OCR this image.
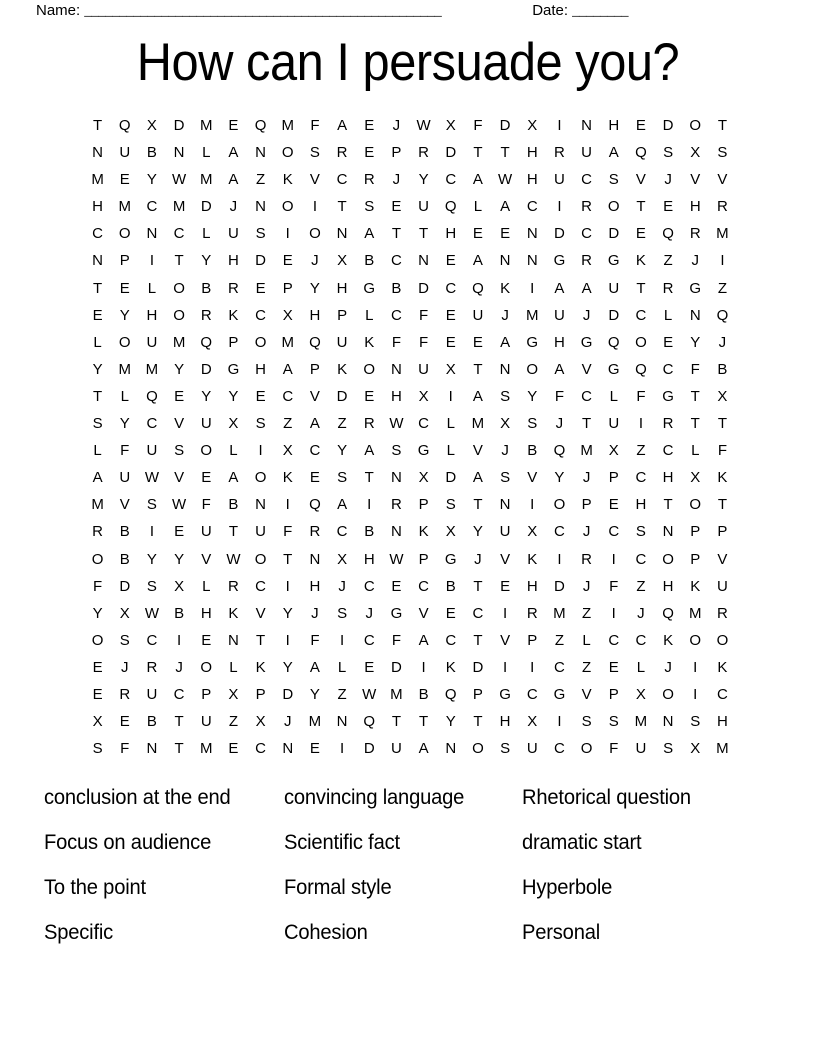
Name: ___________________________________________________	Date: ________
How can I persuade you?
T	Q	X	D	M	E	Q	M	F	A	E	J	W	X	F	D	X	I	N	H	E	D	O	T
N	U	B	N	L	A	N	O	S	R	E	P	R	D	T	T	H	R	U	A	Q	S	X	S
M	E	Y	W M	A	Z	K	V	C	R	J	Y	C	A	W H	U	C	S	V	J	V	V
H	M	C	M	D	J	N	O	I	T	S	E	U	Q	L	A	C	I	R	O	T	E	H	R
C	O	N	C	L	U	S	I	O	N	A	T	T	H	E	E	N	D	C	D	E	Q	R	M
N	P	I	T	Y	H	D	E	J	X	B	C	N	E	A	N	N	G	R	G	K	Z	J	I
T	E	L	O	B	R	E	P	Y	H	G	B	D	C	Q	K	I	A	A	U	T	R	G	Z
E	Y	H	O	R	K	C	X	H	P	L	C	F	E	U	J	M	U	J	D	C	L	N	Q
L	O	U	M	Q	P	O	M	Q	U	K	F	F	E	E	A	G	H	G	Q	O	E	Y	J
Y	M M	Y	D	G	H	A	P	K	O	N	U	X	T	N	O	A	V	G	Q	C	F	B
T	L	Q	E	Y	Y	E	C	V	D	E	H	X	I	A	S	Y	F	C	L	F	G	T	X
S	Y	C	V	U	X	S	Z	A	Z	R W C	L	M	X	S	J	T	U	I	R	T	T
L	F	U	S	O	L	I	X	C	Y	A	S	G	L	V	J	B	Q	M	X	Z	C	L	F
A	U W	V	E	A	O	K	E	S	T	N	X	D	A	S	V	Y	J	P	C	H	X	K
M	V	S	W	F	B	N	I	Q	A	I	R	P	S	T	N	I	O	P	E	H	T	O	T
R	B	I	E	U	T	U	F	R	C	B	N	K	X	Y	U	X	C	J	C	S	N	P	P
O	B	Y	Y	V	W O	T	N	X	H W	P	G	J	V	K	I	R	I	C	O	P	V
F	D	S	X	L	R	C	I	H	J	C	E	C	B	T	E	H	D	J	F	Z	H	K	U
Y	X	W	B	H	K	V	Y	J	S	J	G	V	E	C	I	R	M	Z	I	J	Q	M	R
O	S	C	I	E	N	T	I	F	I	C	F	A	C	T	V	P	Z	L	C	C	K	O	O
E	J	R	J	O	L	K	Y	A	L	E	D	I	K	D	I	I	C	Z	E	L	J	I	K
E	R	U	C	P	X	P	D	Y	Z	W M	B	Q	P	G	C	G	V	P	X	O	I	C
X	E	B	T	U	Z	X	J	M	N	Q	T	T	Y	T	H	X	I	S	S	M	N	S	H
S	F	N	T	M	E	C	N	E	I	D	U	A	N	O	S	U	C	O	F	U	S	X	M
conclusion at the end	convincing language	Rhetorical question
Focus on audience	Scientific fact	dramatic start
To the point	Formal style	Hyperbole
Specific	Cohesion	Personal
